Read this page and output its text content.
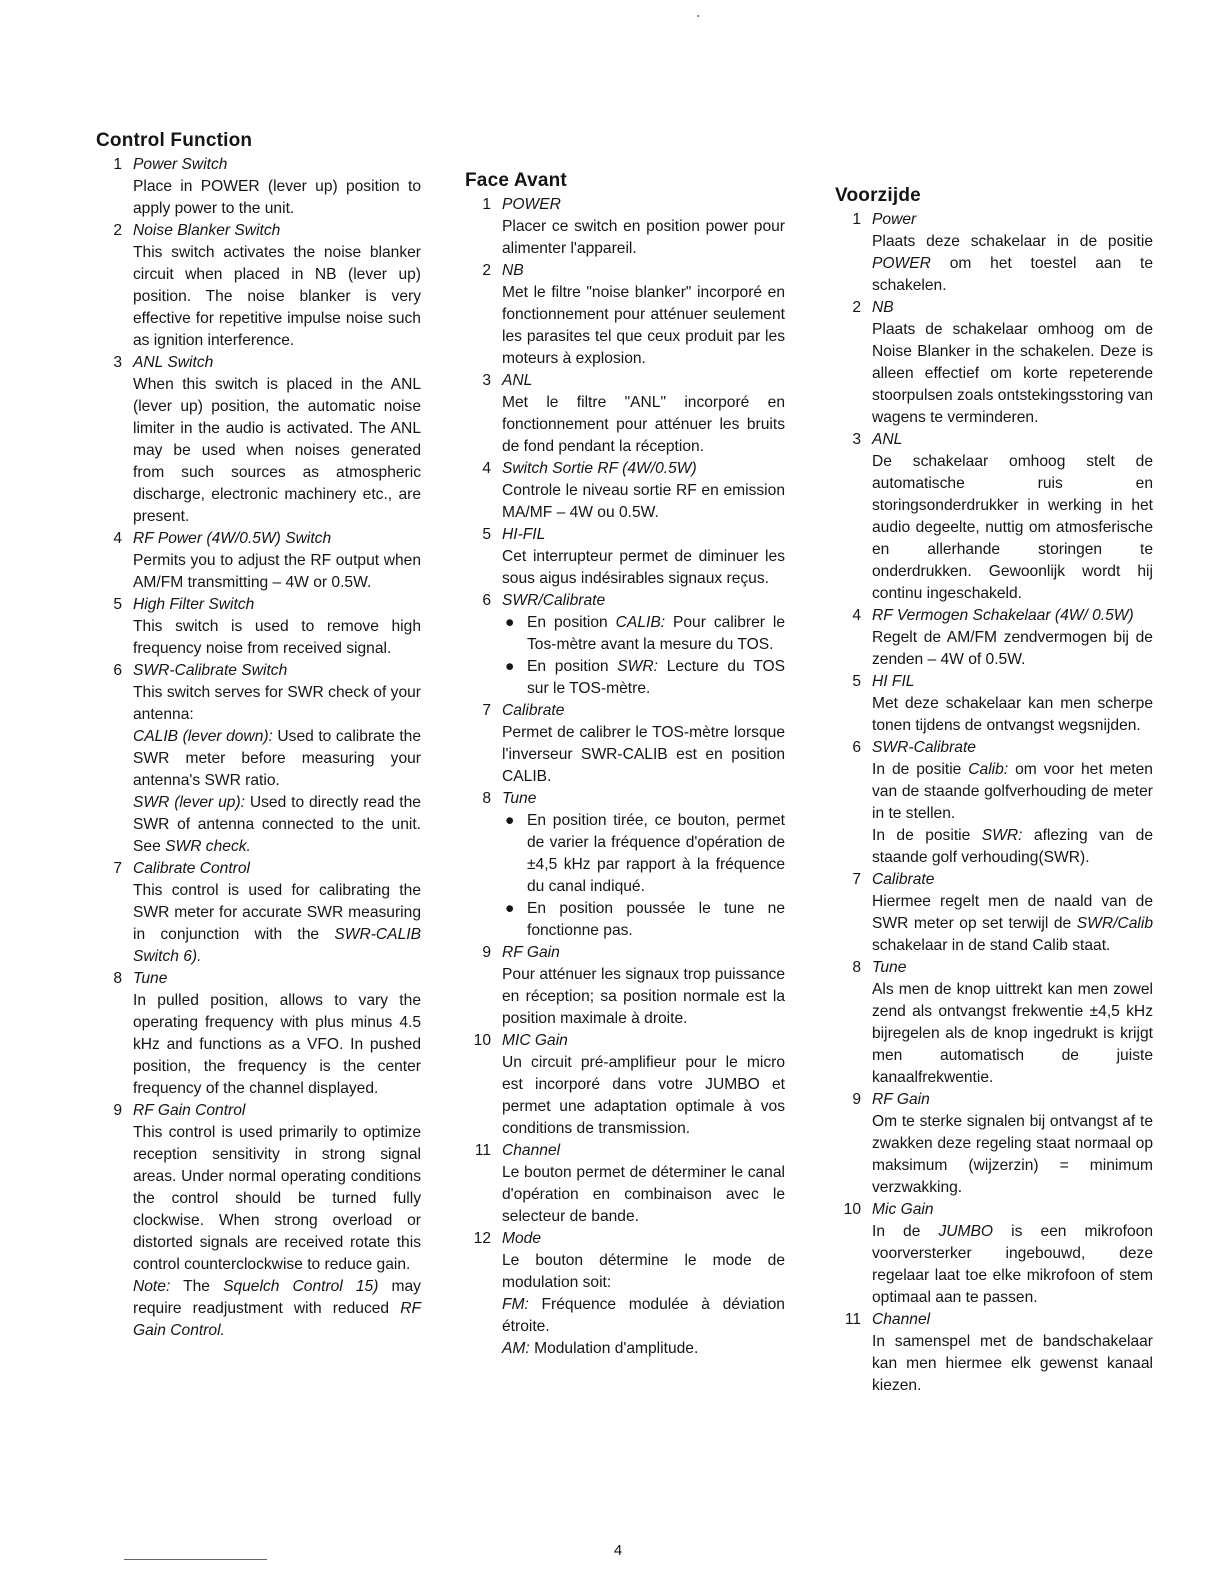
Control Function
1 Power Switch
Place in POWER (lever up) position to apply power to the unit.
2 Noise Blanker Switch
This switch activates the noise blanker circuit when placed in NB (lever up) position. The noise blanker is very effective for repetitive impulse noise such as ignition interference.
3 ANL Switch
When this switch is placed in the ANL (lever up) position, the automatic noise limiter in the audio is activated. The ANL may be used when noises generated from such sources as atmospheric discharge, electronic machinery etc., are present.
4 RF Power (4W/0.5W) Switch
Permits you to adjust the RF output when AM/FM transmitting – 4W or 0.5W.
5 High Filter Switch
This switch is used to remove high frequency noise from received signal.
6 SWR-Calibrate Switch
This switch serves for SWR check of your antenna:
CALIB (lever down): Used to calibrate the SWR meter before measuring your antenna's SWR ratio.
SWR (lever up): Used to directly read the SWR of antenna connected to the unit. See SWR check.
7 Calibrate Control
This control is used for calibrating the SWR meter for accurate SWR measuring in conjunction with the SWR-CALIB Switch 6).
8 Tune
In pulled position, allows to vary the operating frequency with plus minus 4.5 kHz and functions as a VFO. In pushed position, the frequency is the center frequency of the channel displayed.
9 RF Gain Control
This control is used primarily to optimize reception sensitivity in strong signal areas. Under normal operating conditions the control should be turned fully clockwise. When strong overload or distorted signals are received rotate this control counterclockwise to reduce gain.
Note: The Squelch Control 15) may require readjustment with reduced RF Gain Control.
Face Avant
1 POWER
Placer ce switch en position power pour alimenter l'appareil.
2 NB
Met le filtre "noise blanker" incorporé en fonctionnement pour atténuer seulement les parasites tel que ceux produit par les moteurs à explosion.
3 ANL
Met le filtre "ANL" incorporé en fonctionnement pour atténuer les bruits de fond pendant la réception.
4 Switch Sortie RF (4W/0.5W)
Controle le niveau sortie RF en emission MA/MF – 4W ou 0.5W.
5 HI-FIL
Cet interrupteur permet de diminuer les sous aigus indésirables signaux reçus.
6 SWR/Calibrate
● En position CALIB: Pour calibrer le Tos-mètre avant la mesure du TOS.
● En position SWR: Lecture du TOS sur le TOS-mètre.
7 Calibrate
Permet de calibrer le TOS-mètre lorsque l'inverseur SWR-CALIB est en position CALIB.
8 Tune
● En position tirée, ce bouton, permet de varier la fréquence d'opération de ±4,5 kHz par rapport à la fréquence du canal indiqué.
● En position poussée le tune ne fonctionne pas.
9 RF Gain
Pour atténuer les signaux trop puissance en réception; sa position normale est la position maximale à droite.
10 MIC Gain
Un circuit pré-amplifieur pour le micro est incorporé dans votre JUMBO et permet une adaptation optimale à vos conditions de transmission.
11 Channel
Le bouton permet de déterminer le canal d'opération en combinaison avec le selecteur de bande.
12 Mode
Le bouton détermine le mode de modulation soit:
FM: Fréquence modulée à déviation étroite.
AM: Modulation d'amplitude.
Voorzijde
1 Power
Plaats deze schakelaar in de positie POWER om het toestel aan te schakelen.
2 NB
Plaats de schakelaar omhoog om de Noise Blanker in the schakelen. Deze is alleen effectief om korte repeterende stoorpulsen zoals ontstekingsstoring van wagens te verminderen.
3 ANL
De schakelaar omhoog stelt de automatische ruis en storingsonderdrukker in werking in het audio degeelte, nuttig om atmosferische en allerhande storingen te onderdrukken. Gewoonlijk wordt hij continu ingeschakeld.
4 RF Vermogen Schakelaar (4W/ 0.5W)
Regelt de AM/FM zendvermogen bij de zenden – 4W of 0.5W.
5 HI FIL
Met deze schakelaar kan men scherpe tonen tijdens de ontvangst wegsnijden.
6 SWR-Calibrate
In de positie Calib: om voor het meten van de staande golfverhouding de meter in te stellen.
In de positie SWR: aflezing van de staande golf verhouding(SWR).
7 Calibrate
Hiermee regelt men de naald van de SWR meter op set terwijl de SWR/Calib schakelaar in de stand Calib staat.
8 Tune
Als men de knop uittrekt kan men zowel zend als ontvangst frekwentie ±4,5 kHz bijregelen als de knop ingedrukt is krijgt men automatisch de juiste kanaalfrekwentie.
9 RF Gain
Om te sterke signalen bij ontvangst af te zwakken deze regeling staat normaal op maksimum (wijzerzin) = minimum verzwakking.
10 Mic Gain
In de JUMBO is een mikrofoon voorversterker ingebouwd, deze regelaar laat toe elke mikrofoon of stem optimaal aan te passen.
11 Channel
In samenspel met de bandschakelaar kan men hiermee elk gewenst kanaal kiezen.
4
